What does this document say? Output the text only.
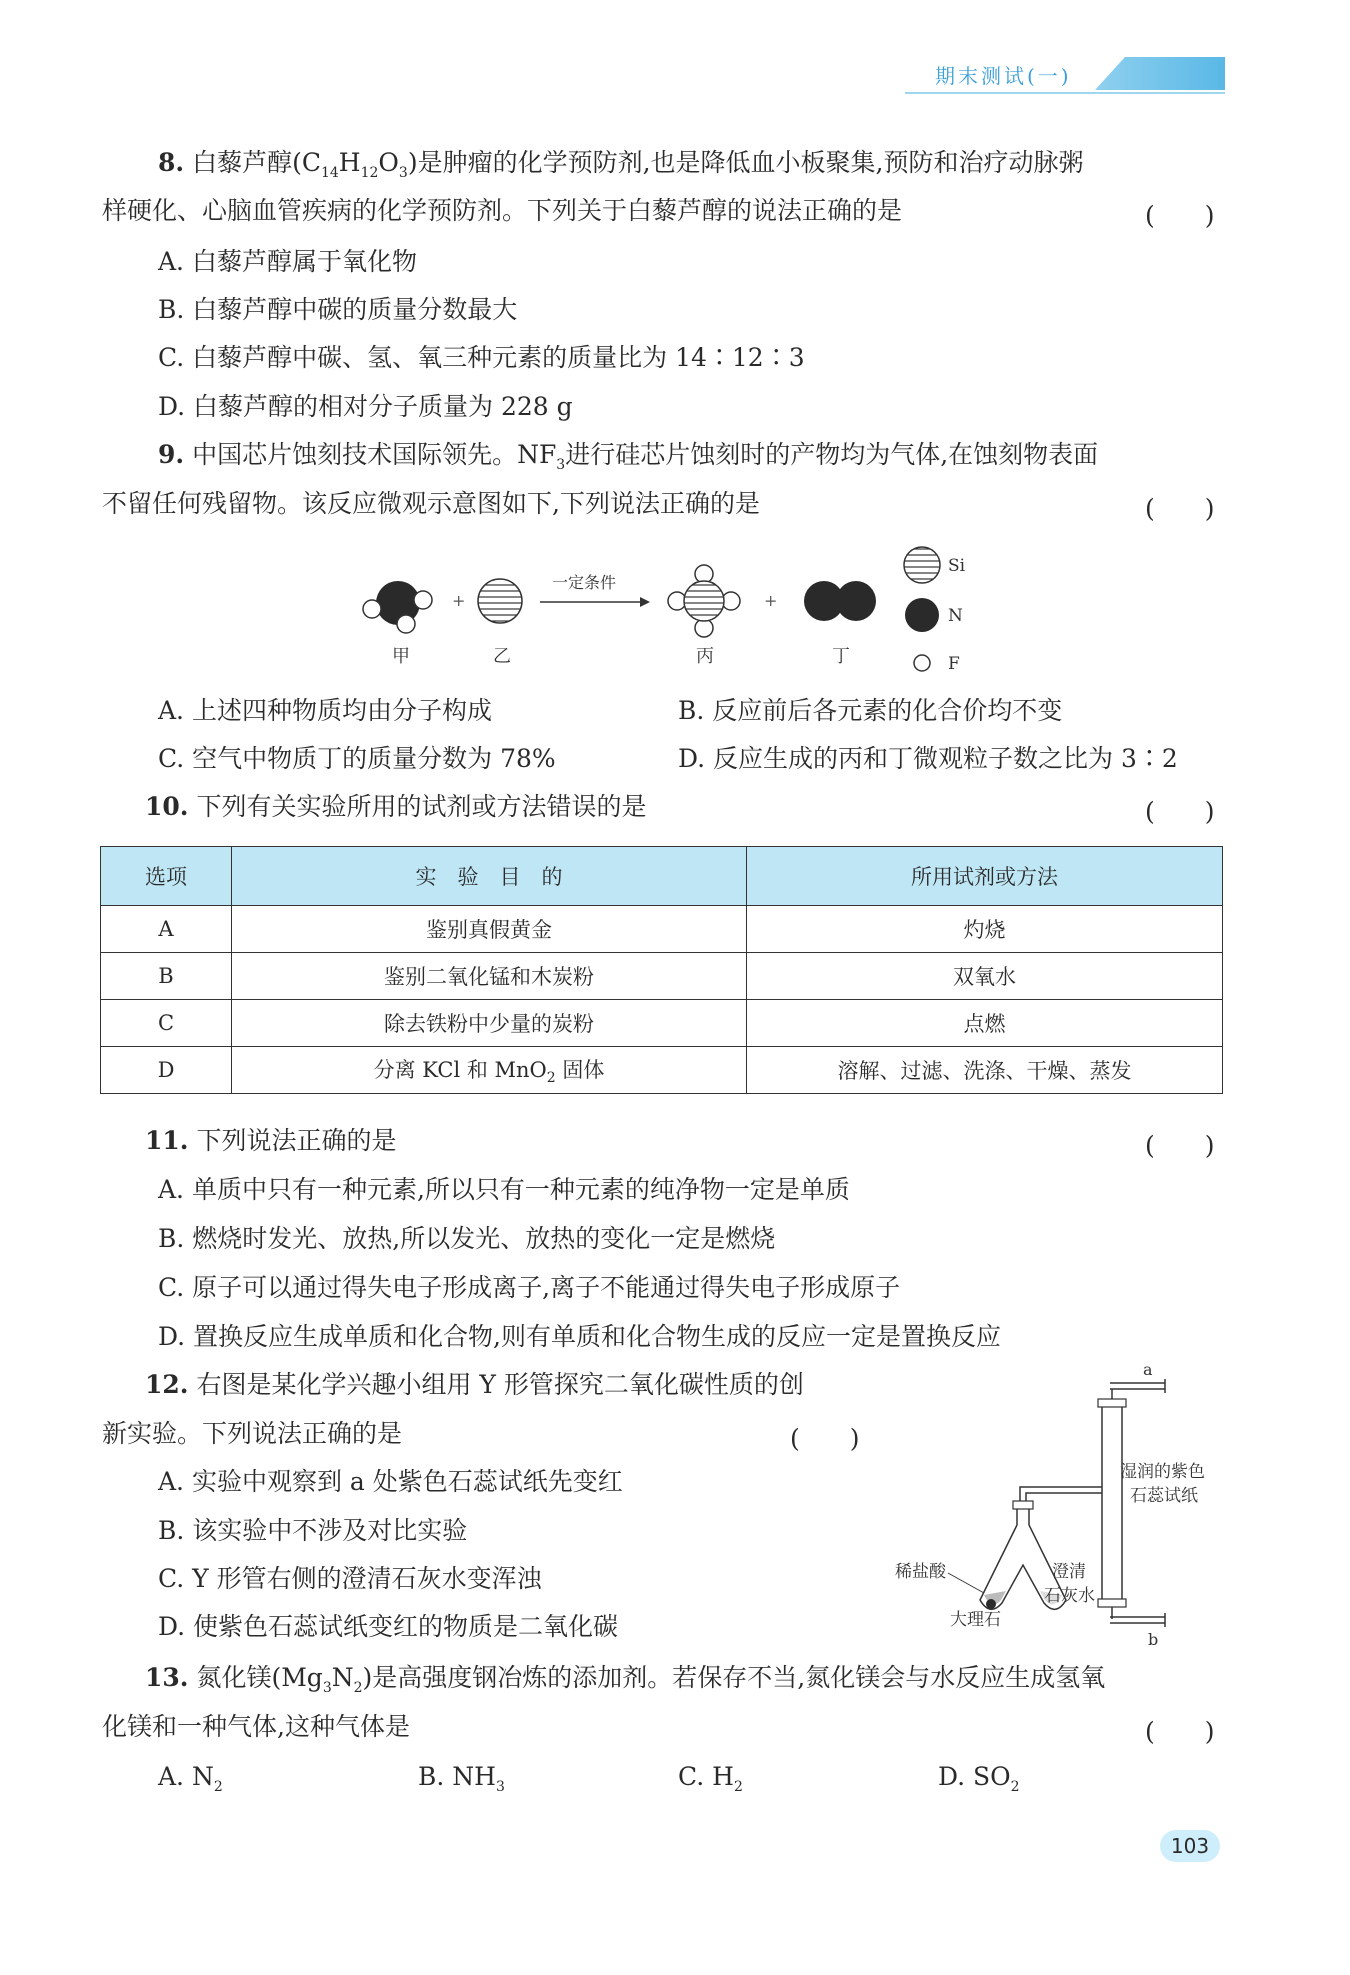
期末测试(一)
8. 白藜芦醇$(C_{14}H_{12}O_3)$是肿瘤的化学预防剂,也是降低血小板聚集,预防和治疗动脉粥
样硬化、心脑血管疾病的化学预防剂。下列关于白藜芦醇的说法正确的是	(　　)
A. 白藜芦醇属于氧化物
B. 白藜芦醇中碳的质量分数最大
C. 白藜芦醇中碳、氢、氧三种元素的质量比为 14∶12∶3
D. 白藜芦醇的相对分子质量为 228 g
9. 中国芯片蚀刻技术国际领先。$NF_3$进行硅芯片蚀刻时的产物均为气体,在蚀刻物表面
不留任何残留物。该反应微观示意图如下,下列说法正确的是	(　　)
+
一定条件
+
甲	乙	丙	丁
Si
N
F
A. 上述四种物质均由分子构成	B. 反应前后各元素的化合价均不变
C. 空气中物质丁的质量分数为 78%	D. 反应生成的丙和丁微观粒子数之比为 3∶2
10. 下列有关实验所用的试剂或方法错误的是	(　　)
选项	实　验　目　的	所用试剂或方法
A	鉴别真假黄金	灼烧
B	鉴别二氧化锰和木炭粉	双氧水
C	除去铁粉中少量的炭粉	点燃
D	分离 KCl 和 MnO$_2$ 固体	溶解、过滤、洗涤、干燥、蒸发
11. 下列说法正确的是	(　　)
A. 单质中只有一种元素,所以只有一种元素的纯净物一定是单质
B. 燃烧时发光、放热,所以发光、放热的变化一定是燃烧
C. 原子可以通过得失电子形成离子,离子不能通过得失电子形成原子
D. 置换反应生成单质和化合物,则有单质和化合物生成的反应一定是置换反应
12. 右图是某化学兴趣小组用 Y 形管探究二氧化碳性质的创
新实验。下列说法正确的是	(　　)
A. 实验中观察到 a 处紫色石蕊试纸先变红
B. 该实验中不涉及对比实验
C. Y 形管右侧的澄清石灰水变浑浊
D. 使紫色石蕊试纸变红的物质是二氧化碳
a
b
湿润的紫色
石蕊试纸
稀盐酸
大理石
澄清
石灰水
13. 氮化镁$(Mg_3N_2)$是高强度钢冶炼的添加剂。若保存不当,氮化镁会与水反应生成氢氧
化镁和一种气体,这种气体是	(　　)
A. $N_2$	B. $NH_3$	C. $H_2$	D. $SO_2$
103
